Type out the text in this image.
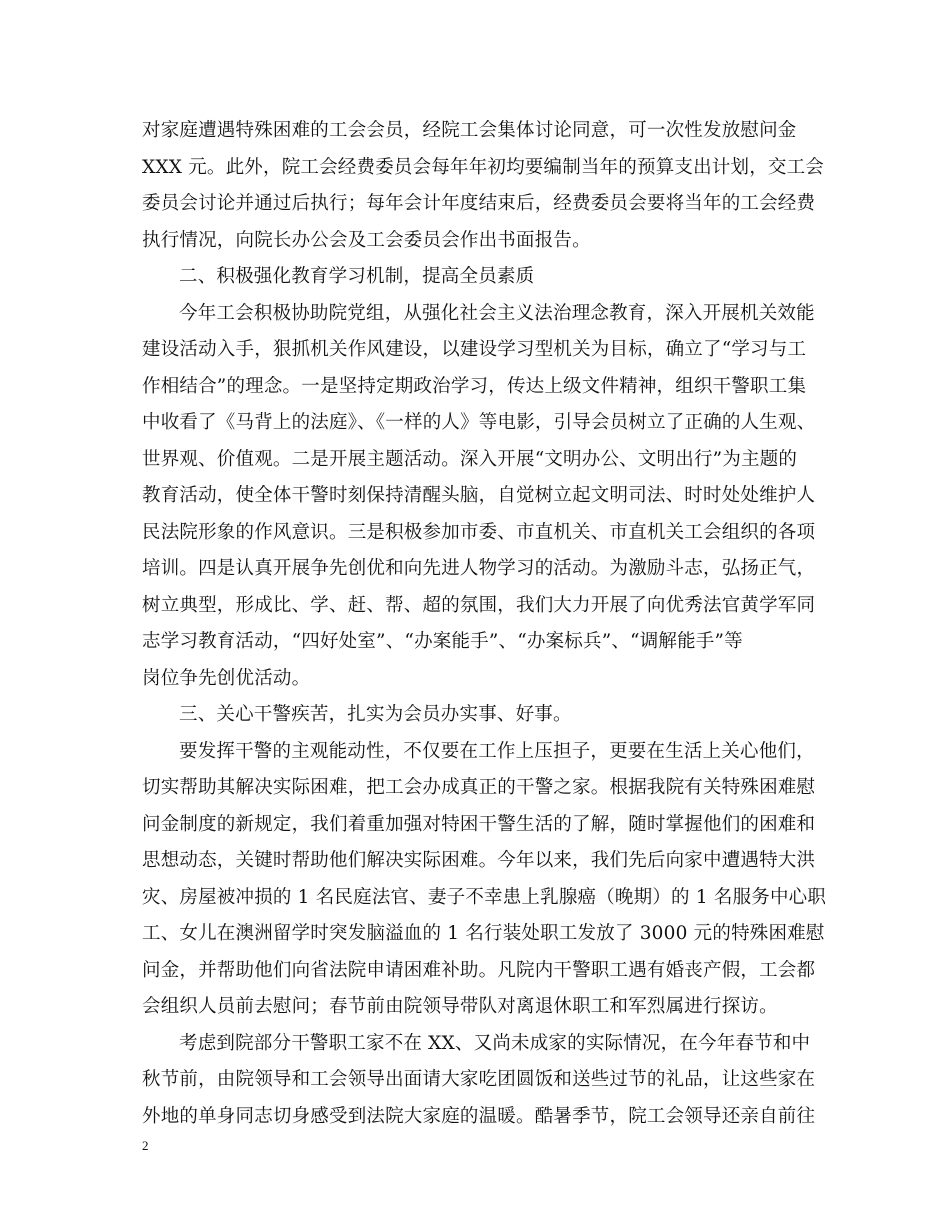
对家庭遭遇特殊困难的工会会员，经院工会集体讨论同意，可一次性发放慰问金
XXX 元。此外，院工会经费委员会每年年初均要编制当年的预算支出计划，交工会
委员会讨论并通过后执行；每年会计年度结束后，经费委员会要将当年的工会经费
执行情况，向院长办公会及工会委员会作出书面报告。
二、积极强化教育学习机制，提高全员素质
今年工会积极协助院党组，从强化社会主义法治理念教育，深入开展机关效能
建设活动入手，狠抓机关作风建设，以建设学习型机关为目标，确立了“学习与工
作相结合”的理念。一是坚持定期政治学习，传达上级文件精神，组织干警职工集
中收看了《马背上的法庭》、《一样的人》等电影，引导会员树立了正确的人生观、
世界观、价值观。二是开展主题活动。深入开展“文明办公、文明出行”为主题的
教育活动，使全体干警时刻保持清醒头脑，自觉树立起文明司法、时时处处维护人
民法院形象的作风意识。三是积极参加市委、市直机关、市直机关工会组织的各项
培训。四是认真开展争先创优和向先进人物学习的活动。为激励斗志，弘扬正气，
树立典型，形成比、学、赶、帮、超的氛围，我们大力开展了向优秀法官黄学军同
志学习教育活动，“四好处室”、“办案能手”、“办案标兵”、“调解能手”等
岗位争先创优活动。
三、关心干警疾苦，扎实为会员办实事、好事。
要发挥干警的主观能动性，不仅要在工作上压担子，更要在生活上关心他们，
切实帮助其解决实际困难，把工会办成真正的干警之家。根据我院有关特殊困难慰
问金制度的新规定，我们着重加强对特困干警生活的了解，随时掌握他们的困难和
思想动态，关键时帮助他们解决实际困难。今年以来，我们先后向家中遭遇特大洪
灾、房屋被冲损的 1 名民庭法官、妻子不幸患上乳腺癌（晚期）的 1 名服务中心职
工、女儿在澳洲留学时突发脑溢血的 1 名行装处职工发放了 3000 元的特殊困难慰
问金，并帮助他们向省法院申请困难补助。凡院内干警职工遇有婚丧产假，工会都
会组织人员前去慰问；春节前由院领导带队对离退休职工和军烈属进行探访。
考虑到院部分干警职工家不在 XX、又尚未成家的实际情况，在今年春节和中
秋节前，由院领导和工会领导出面请大家吃团圆饭和送些过节的礼品，让这些家在
外地的单身同志切身感受到法院大家庭的温暖。酷暑季节，院工会领导还亲自前往
2
